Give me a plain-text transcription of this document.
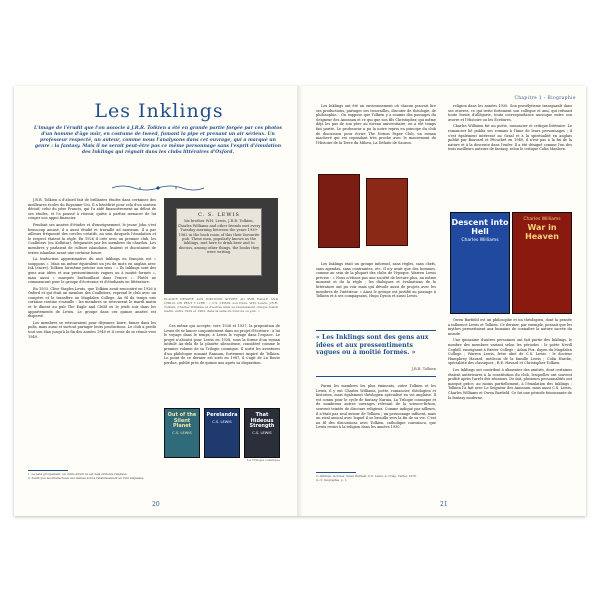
Les Inklings
L'image de l'érudit que l'on associe à J.R.R. Tolkien a été en grande partie forgée par ces photos d'un homme d'âge mûr, en costume de tweed, fumant la pipe et prenant un air sérieux. Un professeur respecté, un auteur, comme nous l'analysons dans cet ouvrage, qui a marqué un genre : la fantasy. Mais il ne serait peut-être pas ce même personnage sans l'esprit d'émulation des Inklings qui régnait dans les clubs littéraires d'Oxford.

J.R.R. Tolkien a d'abord fait de brillantes études dans certaines des meilleures écoles du Royaume-Uni. Il a bénéficié pour cela d'un soutien décisif, celui du père Francis, qui l'a aidé financièrement au début de ses études, et l'a poussé à réussir, quitte à parfois menacer de lui couper son appui financier.

Pendant ses années d'études et d'enseignement, le jeune John s'est beaucoup amusé, il a aussi étudié et travaillé ad nauseam. Il a par ailleurs fréquenté des cercles créatifs, au sein desquels l'émulation et le respect étaient la règle. En 1926 il crée avec un premier club, les Coalbiters (ou Kolbítar), fréquentés par les membres du chardon. Les membres y parlaient de culture islandaise, lisaient et discutaient de textes islandais avant une certaine heure.

La traduction approximative du mot Inklings en français est « souppons ». Mais un même équivalent un jeu de mots en anglais avec Ink (encre). Tolkien lui-même précise son sens : « Ils Inklings sont des gens aux idées et aux pressentiments vagues ou à moitié formés », mais aussi « marqués barbouillant dans l'encre ». Plutôt ne commencent pour le groupe d'écrivains et d'étudiants en littérature.

En 1933, Clive Staples Lewis, que Tolkien avait rencontré en 1926 à Oxford et qui était un membre des Coalbiters, reprend le club avec un compère et le transfère au Magdalen College. Au fil du temps une certaine routine s'installe : les membres se retrouvent le mardi matin et le dînent au pub The Eagle and Child ou le jeudi soir dans les appartements de Lewis. Le groupe dans ces quinze années est dispersé.

Les membres se retrouvaient pour déjeuner, boire, fumer dans les pubs, mais aussi et surtout partager leurs productions. Le club a perdu tout son élan jusqu'à la fin des années 1940 et il cesse de se réunir vers 1949.

C. S. LEWIS
his brother W.H. Lewis, J.R.R. Tolkien, Charles Williams and other friends met every Tuesday morning between the years 1939-1962 in the back room of this their favourite pub. These men, popularly known as the Inklings, met here to drink beer and to discuss, among other things, the books they were writing.
PLAQUE DESSÉE AUX INKLINGS SITUÉE AU PUB EAGLE AND CHILD. ON PEUT Y LIRE : « C.S. LEWIS, son frère, W.H. Lewis, J.R.R. Tolkien, Charles Williams et d'autres amis se réunissaient chaque mardi matin, entre 1939 et 1962, dans la salle du fond de ce pub. »

Ces même qui accepte, vers 1936 et 1937, la proposition de Lewis de se lancer conjointement dans un projet d'écriture : à lui le voyage dans le temps, à Lewis le voyage dans l'espace. Le projet n'aboutit pour Lewis en 1938, sous la forme d'un roman intitulé Au-delà de la planète silencieuse, considéré comme le premier volume de sa Trilogie cosmique. Il sortit les aventures d'un philologue nommé Ransom, fortement inspiré de Tolkien. Le point de ce dernier est sorti en 1987, il s'agit de La Route perdue, publié près de quinze ans après sa disparition.

Out of the Silent Planet
C.S. LEWIS
Perelandra
C.S. LEWIS
That Hideous Strength
C.S. LEWIS
La Trilogie cosmique
1. Le sens groupement, un clairs dirent ne est déjà évidente relatives.
2. Avant que les intellectuels eux-mêmes sont à l'établissement en l'été Anglaises.
20
Chapitre 1 - Biographie

Les Inklings ont été un environnement où chacun pouvait lire ses productions, partager ses trouvailles, discuter de théologie, de philosophie... On suppose que Tolkien y a soumis des passages du Seigneur des Anneaux et ce qui que son fils Christopher, qui même déjà les pas de son père au niveau universitaire, en a été temps fait partie. Le professeur a pu la notre repris en principe du club de discussion pour écrire The Notion Paper Club, un roman inachevé qui est cependant très proche avec le mouvement de l'Histoire de la Terre du Milieu, La Défaite de Sauron.

Les Inklings était un groupe informel, sans règles, sans chefs, sans agendas, sans contraintes, etc. Il n'y avait que des hommes, comme au sein de la plupart des clubs de l'époque. Warren Lewis précise : « Nous n'étions pas une société de lecture plus, au même moment et du la règle ; les dialogues et évaluations de la littérature ont pu voir mais qui dévoile aussi de projets avec les membres de l'intérieur. » Ainsi le groupe est justifié au passage à Tolkien et à ses compagnons, Hugo Dyson et aussi Lewis.

« Les Inklings sont des gens aux idées et aux pressentiments vagues ou à moitié formés. »
J.R.R. Tolkien

Parmi les membres les plus éminents, outre Tolkien et les Lewis, il y eut Charles Williams, poète, romancier, théologien et historien, mais également théologien spécialisé en vie anglaise. Il est connu pour le cycle de fantasy Narnia, La Trilogie cosmique et de nombreux autres ouvrages relevant de la science-fiction, souvent teintés de discours religieux. Comme indiqué par ailleurs, il n'était pas seul autour de Tolkien ; un personnage influent, mais un rival amical avec lequel il se brouilla vers la fin de sa vie. C'est au fil des discussions avec Tolkien, catholique convaincu, que Lewis revint à la religion dans les années 1930.

3. Inklings, lectures, Owen Barfield, C.S. Lewis, A. Crisp, Carter, 1978.
4. cf. biographie, p. 1.

religion dans les années 1930. Son prosélytisme transparaît dans ses œuvres, ce qui irrite fortement son collègue et ami, qui refusait toute forme d'allégorie, toute correspondance univoque entre son œuvre et l'Histoire ou les Écritures.

Charles Williams fut un poète, romancier et critique littéraire. Le romancier lié publia ses romans à l'âme de leurs personnages ; il s'est également intéressé au Graal et à la spiritualité en anglais publié par Bouvard et Pécuchet en 1949, il n'est pas à la fin de la nature et à la descente dans l'enfer. Il a été désigné comme l'un des trois meilleurs auteurs de fantasy, selon le critique Colin Manlove.

Descent into Hell
Charles Williams
Charles Williams
War in Heaven

Owen Barfield est un philosophe et un théologien, dont la pensée a influencé Lewis et Tolkien. Ce dernier, par exemple, pensait que les mythes permettaient aux humains de connaître la nature sacrée du monde.

Une quinzaine d'autres personnes ont fait partie des Inklings, le nombre des membres variant selon les périodes : le poète Nevill Coghill, enseignant à Exeter College ; Adam Fox, doyen du Magdalen College ; Warren Lewis, frère aîné de C.S. Lewis ; le docteur Humphrey Havard, médecin de la famille Lewis ; Colin Hardie, spécialiste des classiques ; R.E. Havard et Christopher Tolkien.

Les Inklings ont contribué à alimenter des amitiés, dont certaines étaient antérieures à la constitution du club, lesquelles ont souvent profité après l'arrêt des réunions. De fait, plusieurs personnalités ont marqué grâce, au moins partiellement, à l'émulation des Inklings : Tolkien l'a fait avec Le Seigneur des Anneaux, mais aussi C.S. Lewis, Charles Williams et Owen Barfield. Ce fut une période foisonnante de la fantasy moderne.

21
